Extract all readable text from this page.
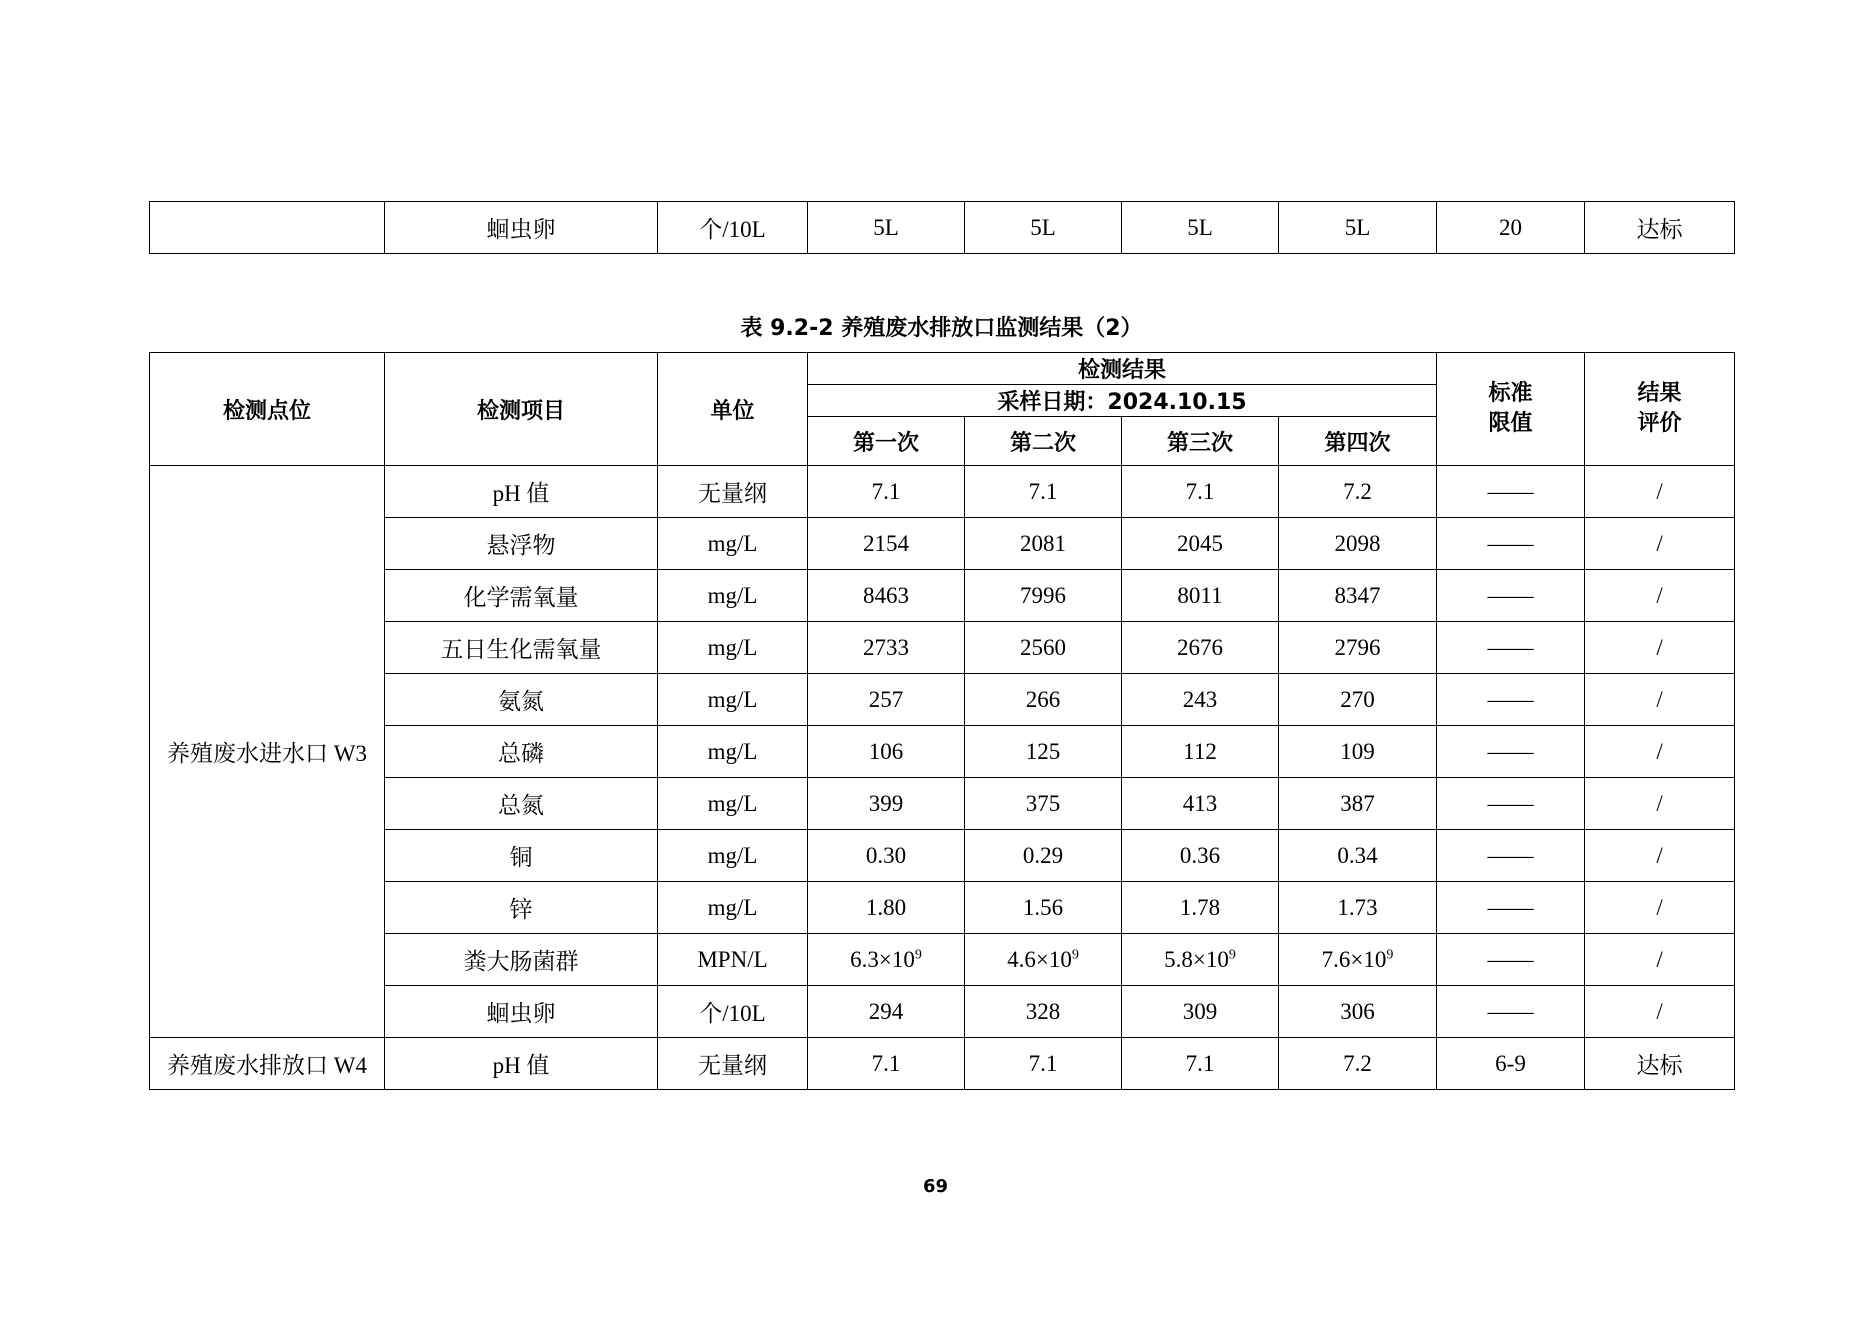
	蛔虫卵	个/10L	5L	5L	5L	5L	20	达标
表 9.2-2 养殖废水排放口监测结果（2）
检测点位	检测项目	单位	检测结果				标准限值	结果评价
			采样日期：2024.10.15					
			第一次	第二次	第三次	第四次		
养殖废水进水口 W3	pH 值	无量纲	7.1	7.1	7.1	7.2	——	/
	悬浮物	mg/L	2154	2081	2045	2098	——	/
	化学需氧量	mg/L	8463	7996	8011	8347	——	/
	五日生化需氧量	mg/L	2733	2560	2676	2796	——	/
	氨氮	mg/L	257	266	243	270	——	/
	总磷	mg/L	106	125	112	109	——	/
	总氮	mg/L	399	375	413	387	——	/
	铜	mg/L	0.30	0.29	0.36	0.34	——	/
	锌	mg/L	1.80	1.56	1.78	1.73	——	/
	粪大肠菌群	MPN/L	$6.3\times 10^9$	$4.6\times 10^9$	$5.8\times 10^9$	$7.6\times 10^9$	——	/
	蛔虫卵	个/10L	294	328	309	306	——	/
养殖废水排放口 W4	pH 值	无量纲	7.1	7.1	7.1	7.2	6-9	达标
69
